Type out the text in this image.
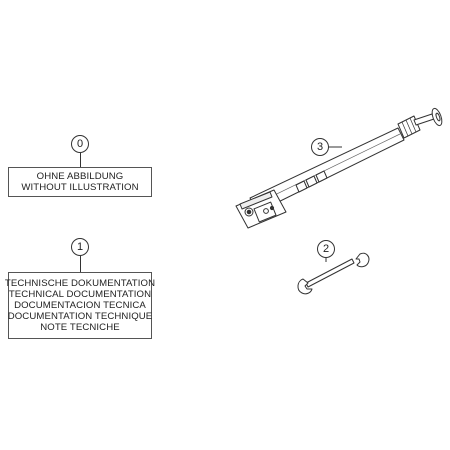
0
OHNE ABBILDUNG
WITHOUT ILLUSTRATION
1
TECHNISCHE DOKUMENTATION
TECHNICAL DOCUMENTATION
DOCUMENTACION TECNICA
DOCUMENTATION TECHNIQUE
NOTE TECNICHE
2
3
